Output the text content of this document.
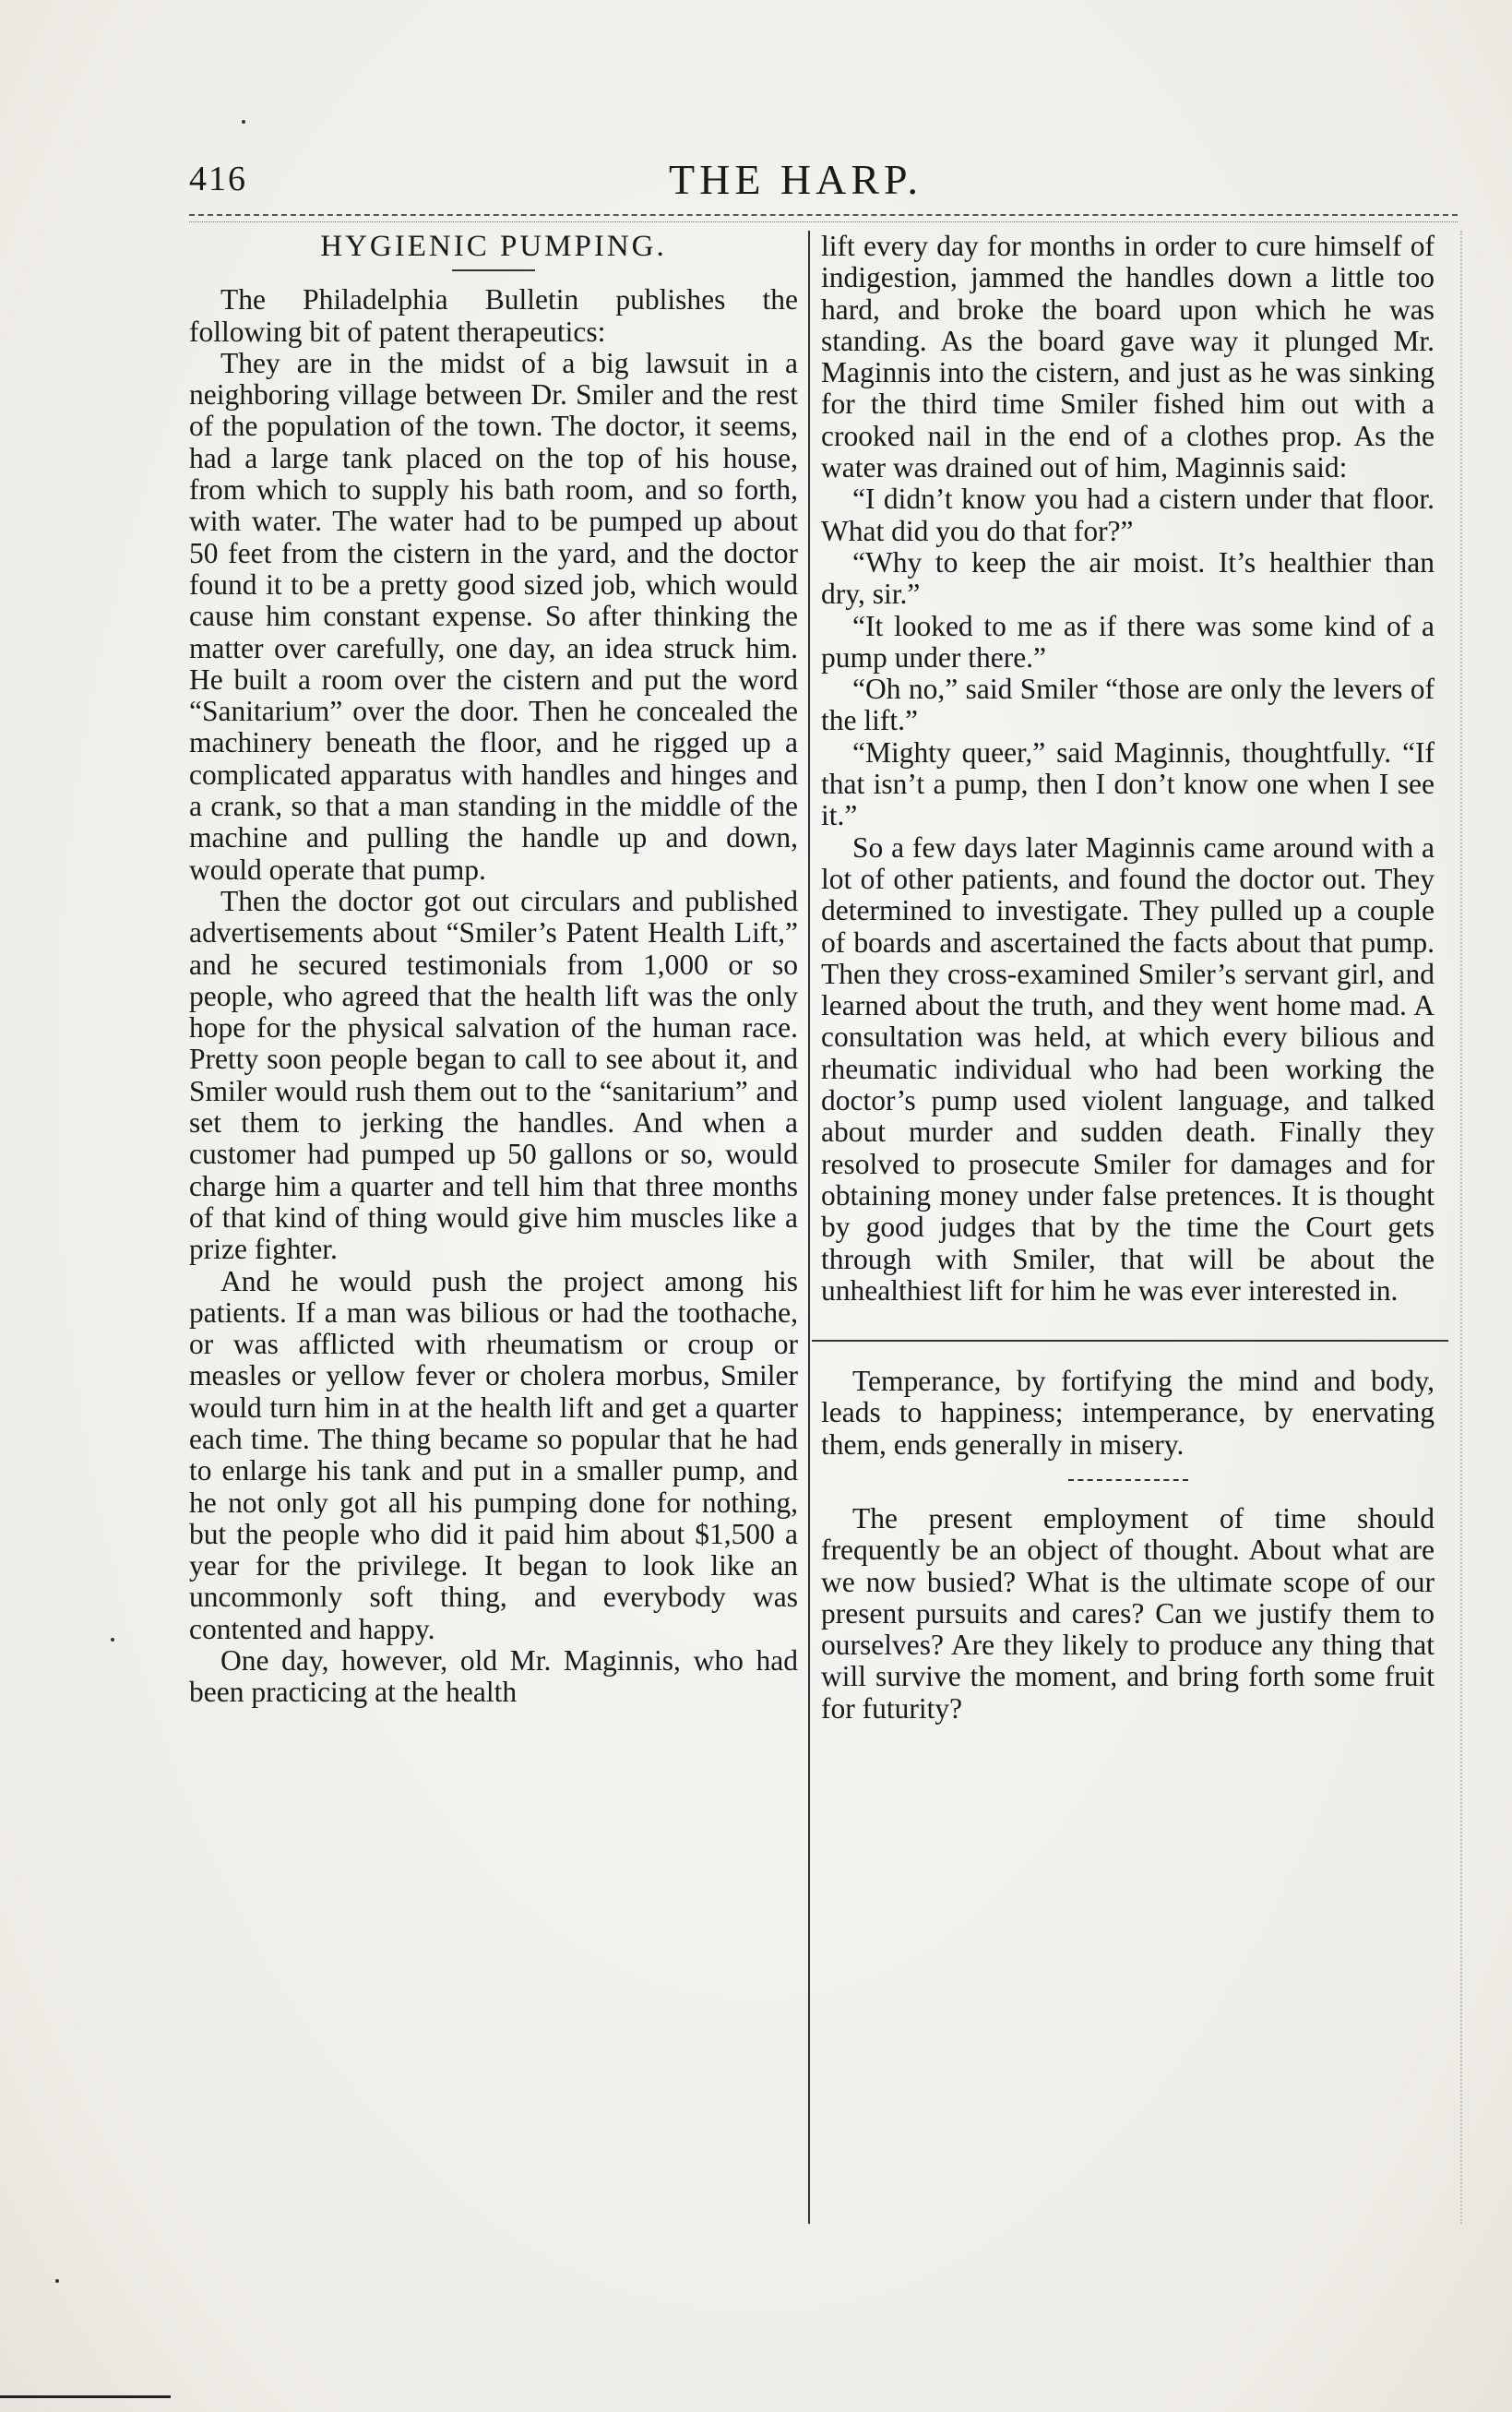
416	THE HARP.

HYGIENIC PUMPING.

The Philadelphia Bulletin publishes the following bit of patent therapeutics:

They are in the midst of a big lawsuit in a neighboring village between Dr. Smiler and the rest of the population of the town. The doctor, it seems, had a large tank placed on the top of his house, from which to supply his bath room, and so forth, with water. The water had to be pumped up about 50 feet from the cistern in the yard, and the doctor found it to be a pretty good sized job, which would cause him constant expense. So after thinking the matter over carefully, one day, an idea struck him. He built a room over the cistern and put the word “Sanitarium” over the door. Then he concealed the machinery beneath the floor, and he rigged up a complicated apparatus with handles and hinges and a crank, so that a man standing in the middle of the machine and pulling the handle up and down, would operate that pump.

Then the doctor got out circulars and published advertisements about “Smiler’s Patent Health Lift,” and he secured testimonials from 1,000 or so people, who agreed that the health lift was the only hope for the physical salvation of the human race. Pretty soon people began to call to see about it, and Smiler would rush them out to the “sanitarium” and set them to jerking the handles. And when a customer had pumped up 50 gallons or so, would charge him a quarter and tell him that three months of that kind of thing would give him muscles like a prize fighter.

And he would push the project among his patients. If a man was bilious or had the toothache, or was afflicted with rheumatism or croup or measles or yellow fever or cholera morbus, Smiler would turn him in at the health lift and get a quarter each time. The thing became so popular that he had to enlarge his tank and put in a smaller pump, and he not only got all his pumping done for nothing, but the people who did it paid him about $1,500 a year for the privilege. It began to look like an uncommonly soft thing, and everybody was contented and happy.

One day, however, old Mr. Maginnis, who had been practicing at the health

lift every day for months in order to cure himself of indigestion, jammed the handles down a little too hard, and broke the board upon which he was standing. As the board gave way it plunged Mr. Maginnis into the cistern, and just as he was sinking for the third time Smiler fished him out with a crooked nail in the end of a clothes prop. As the water was drained out of him, Maginnis said:

“I didn’t know you had a cistern under that floor. What did you do that for?”

“Why to keep the air moist. It’s healthier than dry, sir.”

“It looked to me as if there was some kind of a pump under there.”

“Oh no,” said Smiler “those are only the levers of the lift.”

“Mighty queer,” said Maginnis, thoughtfully. “If that isn’t a pump, then I don’t know one when I see it.”

So a few days later Maginnis came around with a lot of other patients, and found the doctor out. They determined to investigate. They pulled up a couple of boards and ascertained the facts about that pump. Then they cross-examined Smiler’s servant girl, and learned about the truth, and they went home mad. A consultation was held, at which every bilious and rheumatic individual who had been working the doctor’s pump used violent language, and talked about murder and sudden death. Finally they resolved to prosecute Smiler for damages and for obtaining money under false pretences. It is thought by good judges that by the time the Court gets through with Smiler, that will be about the unhealthiest lift for him he was ever interested in.

Temperance, by fortifying the mind and body, leads to happiness; intemperance, by enervating them, ends generally in misery.

The present employment of time should frequently be an object of thought. About what are we now busied? What is the ultimate scope of our present pursuits and cares? Can we justify them to ourselves? Are they likely to produce any thing that will survive the moment, and bring forth some fruit for futurity?
